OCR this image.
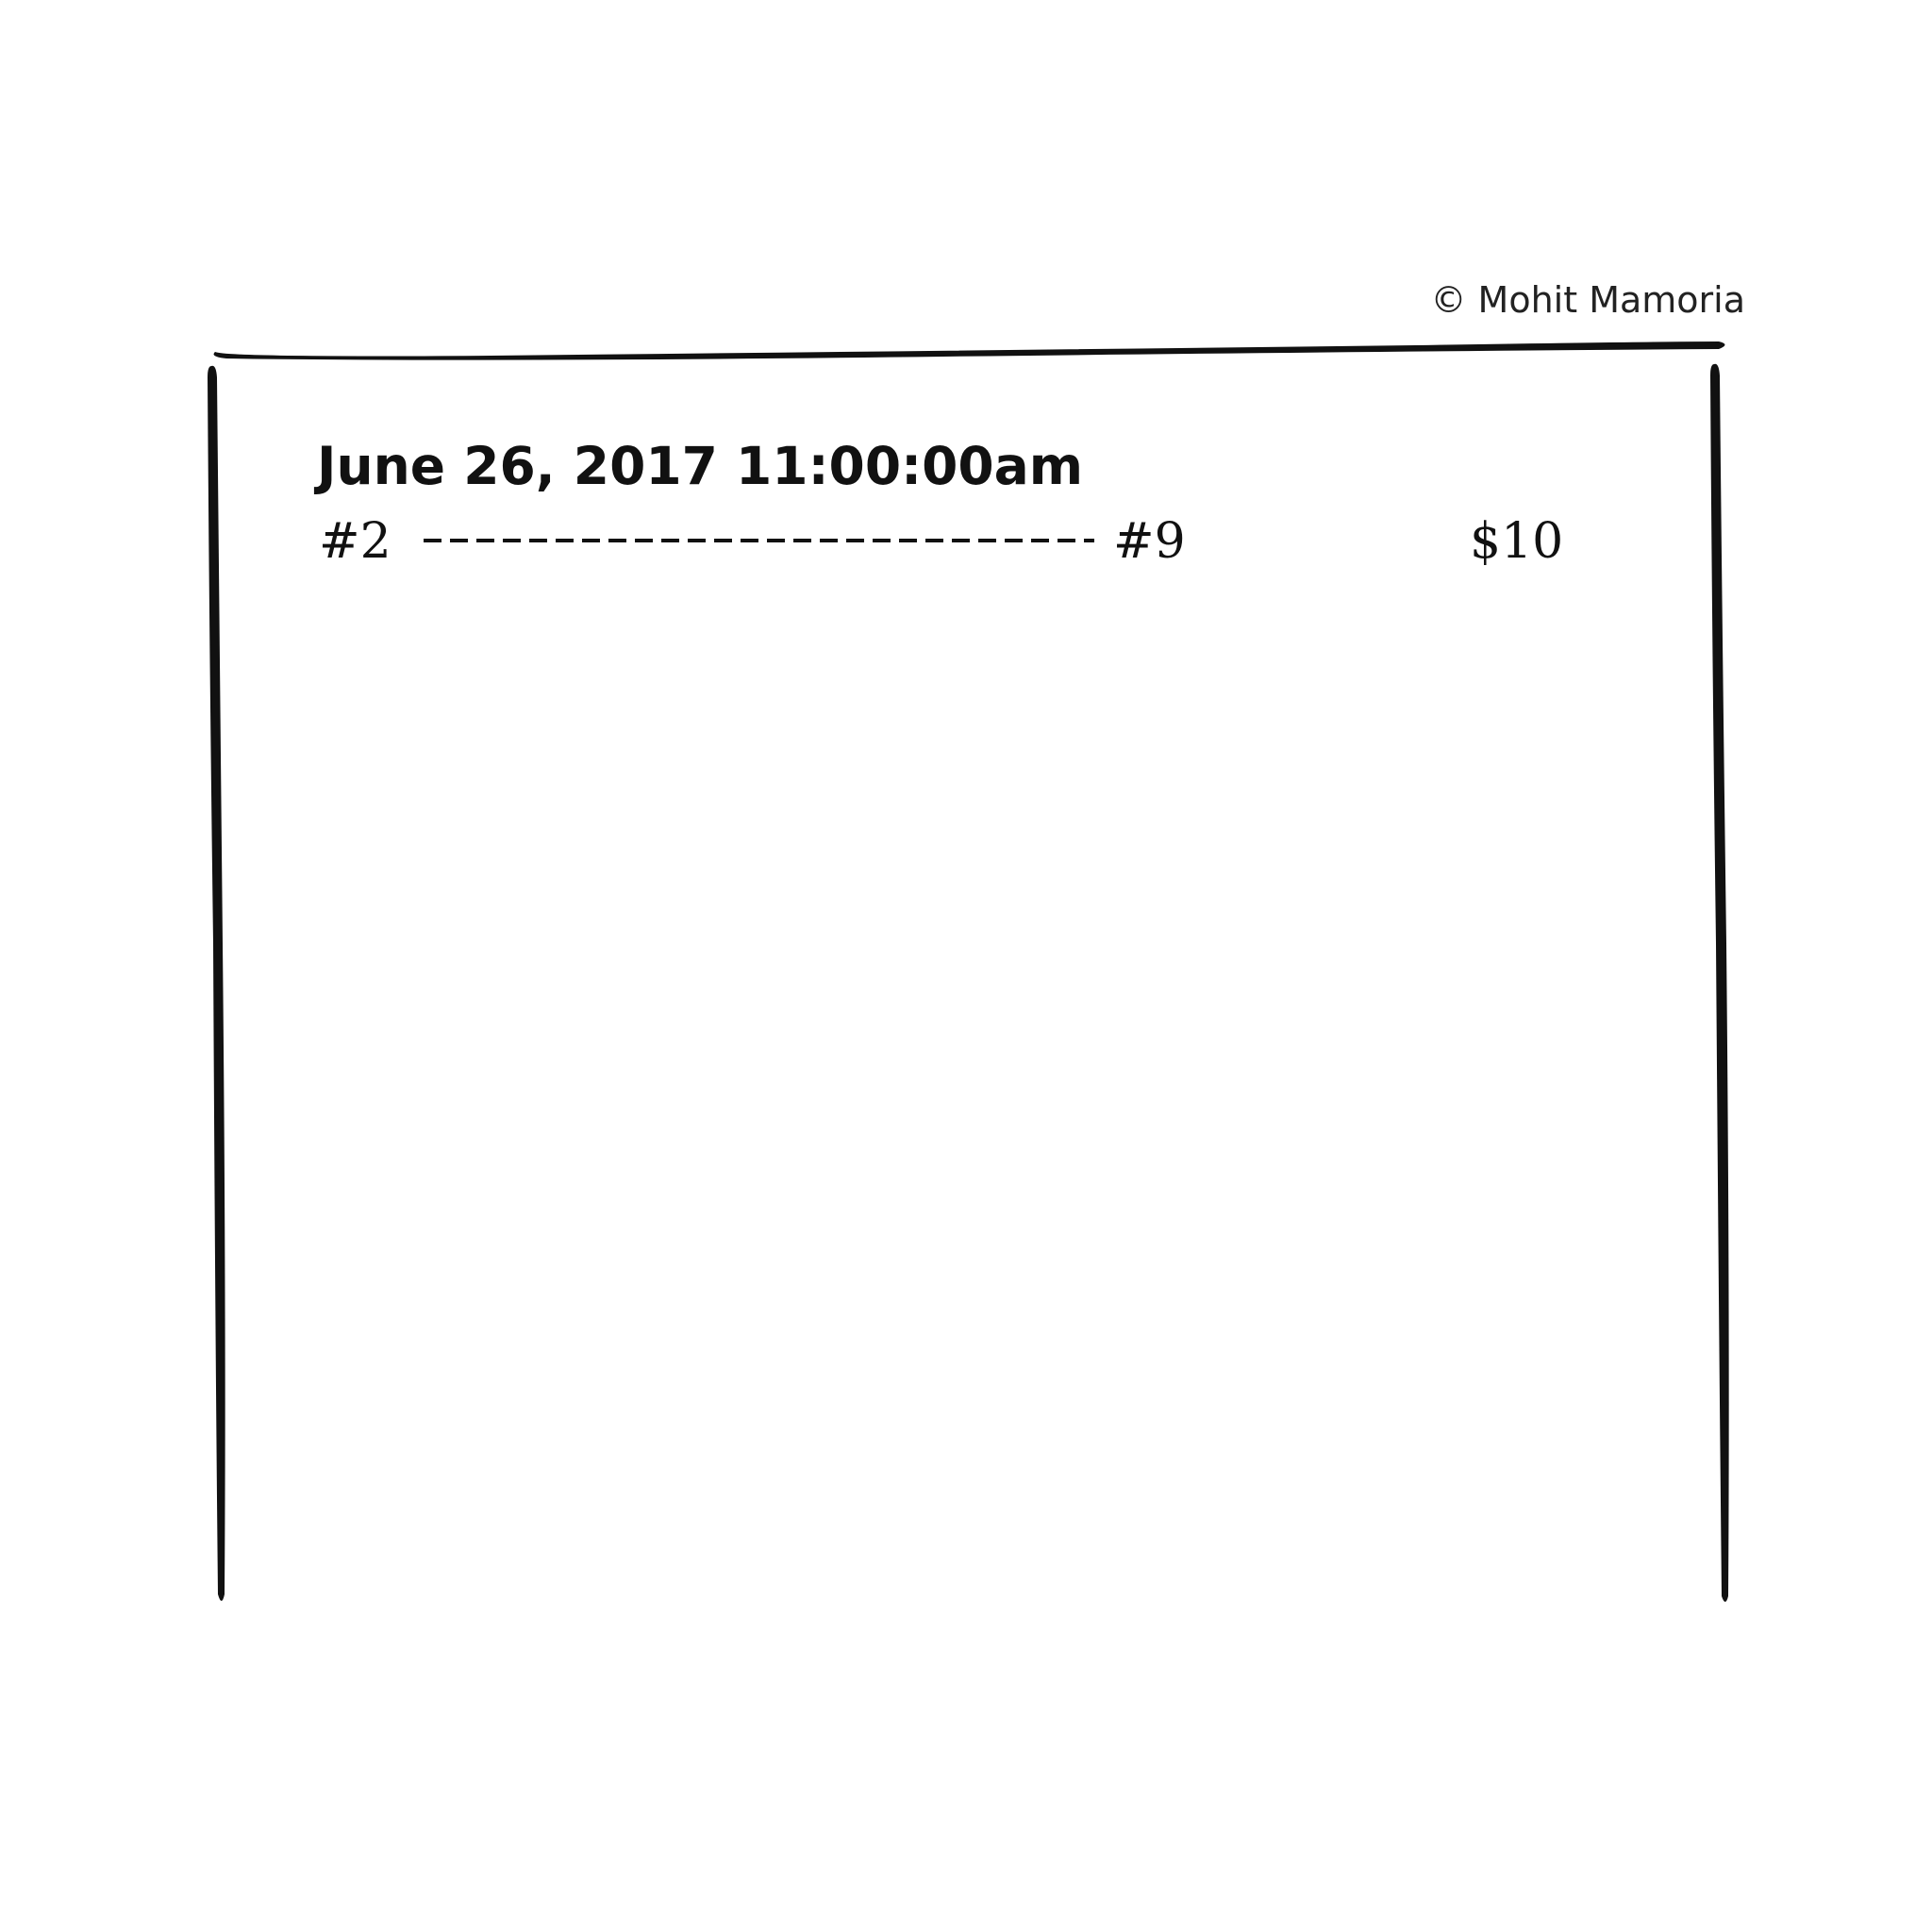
© Mohit Mamoria
June 26, 2017 11:00:00am
#2	#9	$10
